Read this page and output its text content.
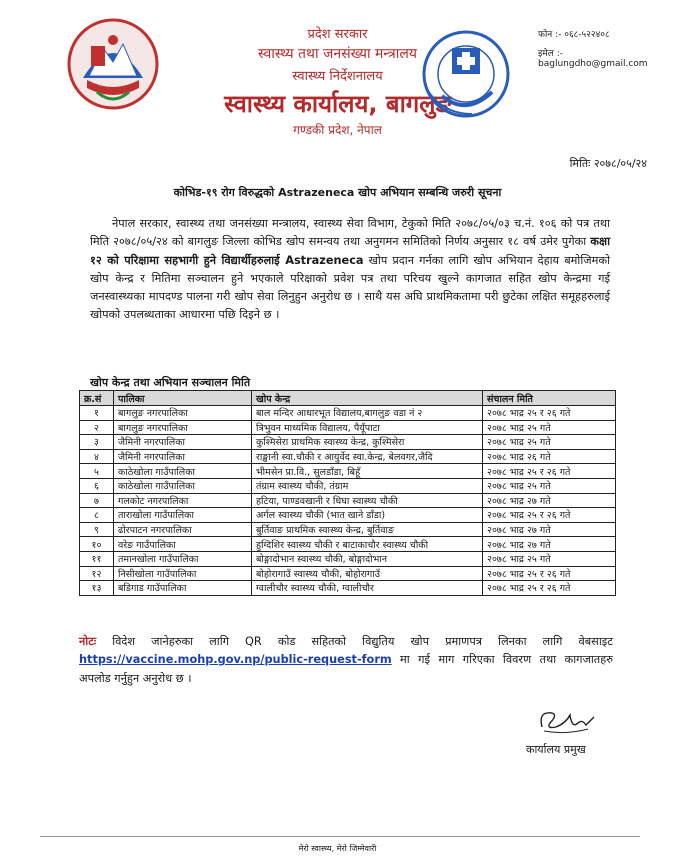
प्रदेश सरकार
स्वास्थ्य तथा जनसंख्या मन्त्रालय
स्वास्थ्य निर्देशनालय
स्वास्थ्य कार्यालय, बागलुङ
गण्डकी प्रदेश, नेपाल
फोन :- ०६८-५२२४०८
इमेल :- baglungdho@gmail.com
मितिः २०७८/०५/२४
कोभिड-१९ रोग विरुद्धको Astrazeneca खोप अभियान सम्बन्धि जरुरी सूचना
नेपाल सरकार, स्वास्थ्य तथा जनसंख्या मन्त्रालय, स्वास्थ्य सेवा विभाग, टेकुको मिति २०७८/०५/०३ च.नं. १०६ को पत्र तथा मिति २०७८/०५/२४ को बागलुङ जिल्ला कोभिड खोप समन्वय तथा अनुगमन समितिको निर्णय अनुसार १८ वर्ष उमेर पुगेका कक्षा १२ को परिक्षामा सहभागी हुने विद्यार्थीहरुलाई Astrazeneca खोप प्रदान गर्नका लागि खोप अभियान देहाय बमोजिमको खोप केन्द्र र मितिमा सञ्चालन हुने भएकाले परिक्षाको प्रवेश पत्र तथा परिचय खुल्ने कागजात सहित खोप केन्द्रमा गई जनस्वास्थ्यका मापदण्ड पालना गरी खोप सेवा लिनुहुन अनुरोध छ । साथै यस अघि प्राथमिकतामा परी छुटेका लक्षित समूहहरुलाई खोपको उपलब्धताका आधारमा पछि दिइने छ ।
खोप केन्द्र तथा अभियान सञ्चालन मिति
क्र.सं	पालिका	खोप केन्द्र	संचालन मिति
१	बागलुङ नगरपालिका	बाल मन्दिर आधारभूत विद्यालय,बागलुङ वडा नं २	२०७८ भाद्र २५ र २६ गते
२	बागलुङ नगरपालिका	त्रिभुवन माध्यमिक विद्यालय, पैयूँपाटा	२०७८ भाद्र २५ गते
३	जैमिनी नगरपालिका	कुश्मिसेरा प्राथमिक स्वास्थ्य केन्द्र, कुश्मिसेरा	२०७८ भाद्र २५ गते
४	जैमिनी नगरपालिका	राङ्खानी स्वा.चौकी र आयुर्वेद स्वा.केन्द्र, बेलवगर,जैदि	२०७८ भाद्र २६ गते
५	काठेखोला गाउँपालिका	भीमसेन प्रा.वि., सुलडाँडा, बिहूँ	२०७८ भाद्र २५ र २६ गते
६	काठेखोला गाउँपालिका	तंग्राम स्वास्थ्य चौकी, तंग्राम	२०७८ भाद्र २५ गते
७	गलकोट नगरपालिका	हटिया, पाण्डवखानी र धिघा स्वास्थ्य चौकी	२०७८ भाद्र २७ गते
८	ताराखोला गाउँपालिका	अर्गल स्वास्थ्य चौकी (भात खाने डाँडा)	२०७८ भाद्र २५ र २६ गते
९	ढोरपाटन नगरपालिका	बुर्तिवाङ प्राथमिक स्वास्थ्य केन्द्र, बुर्तिवाङ	२०७८ भाद्र २७ गते
१०	वरेङ गाउँपालिका	हुग्दिशिर स्वास्थ्य चौकी र बाटाकाचौर स्वास्थ्य चौकी	२०७८ भाद्र २७ गते
११	तमानखोला गाउँपालिका	बोङ्गादोभान स्वास्थ्य चौकी, बोङ्गादोभान	२०७८ भाद्र २५ गते
१२	निसीखोला गाउँपालिका	बोहोरागाउँ स्वास्थ्य चौकी, बोहोरागाउँ	२०७८ भाद्र २५ र २६ गते
१३	बडिगाड गाउँपालिका	ग्वालीचौर स्वास्थ्य चौकी, ग्वालीचौर	२०७८ भाद्र २५ र २६ गते
नोटः विदेश जानेहरुका लागि QR कोड सहितको विद्युतिय खोप प्रमाणपत्र लिनका लागि वेबसाइट https://vaccine.mohp.gov.np/public-request-form मा गई माग गरिएका विवरण तथा कागजातहरु अपलोड गर्नुहुन अनुरोध छ ।
कार्यालय प्रमुख
मेरो स्वास्थ्य, मेरो जिम्मेवारी
